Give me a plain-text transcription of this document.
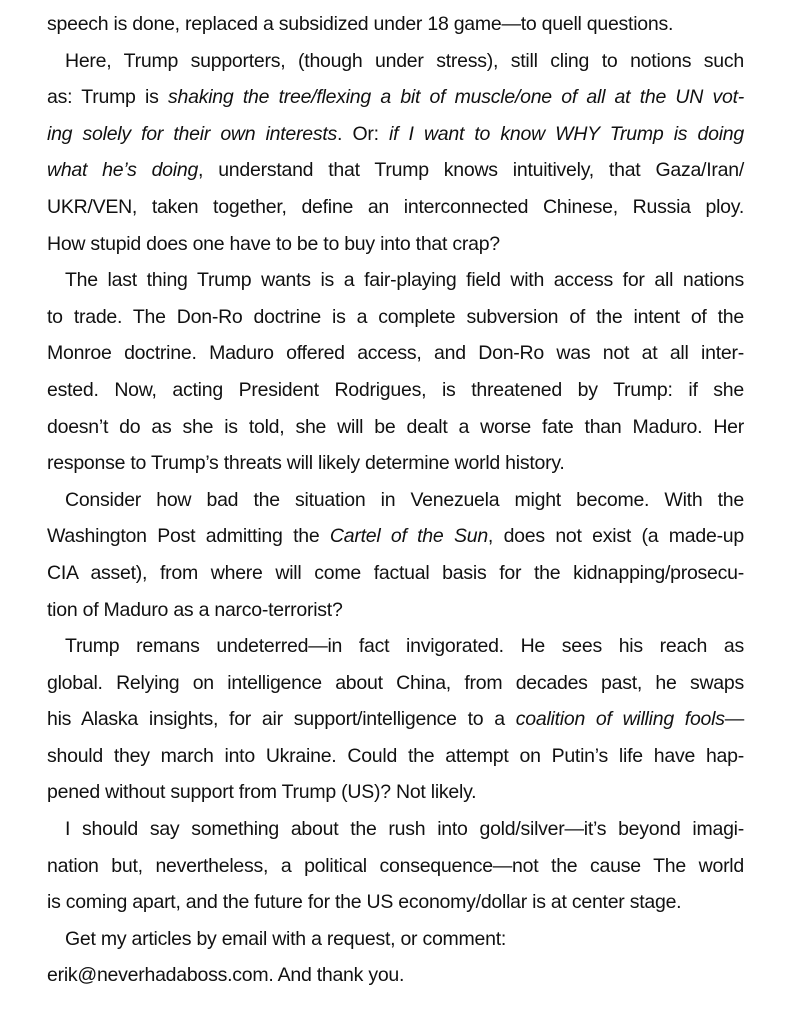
speech is done, replaced a subsidized under 18 game—to quell questions.
Here, Trump supporters, (though under stress), still cling to notions such
as: Trump is shaking the tree/flexing a bit of muscle/one of all at the UN vot-
ing solely for their own interests. Or: if I want to know WHY Trump is doing
what he’s doing, understand that Trump knows intuitively, that Gaza/Iran/
UKR/VEN, taken together, define an interconnected Chinese, Russia ploy.
How stupid does one have to be to buy into that crap?
The last thing Trump wants is a fair-playing field with access for all nations
to trade. The Don-Ro doctrine is a complete subversion of the intent of the
Monroe doctrine. Maduro offered access, and Don-Ro was not at all inter-
ested. Now, acting President Rodrigues, is threatened by Trump: if she
doesn’t do as she is told, she will be dealt a worse fate than Maduro. Her
response to Trump’s threats will likely determine world history.
Consider how bad the situation in Venezuela might become. With the
Washington Post admitting the Cartel of the Sun, does not exist (a made-up
CIA asset), from where will come factual basis for the kidnapping/prosecu-
tion of Maduro as a narco-terrorist?
Trump remans undeterred—in fact invigorated. He sees his reach as
global. Relying on intelligence about China, from decades past, he swaps
his Alaska insights, for air support/intelligence to a coalition of willing fools—
should they march into Ukraine. Could the attempt on Putin’s life have hap-
pened without support from Trump (US)? Not likely.
I should say something about the rush into gold/silver—it’s beyond imagi-
nation but, nevertheless, a political consequence—not the cause The world
is coming apart, and the future for the US economy/dollar is at center stage.
Get my articles by email with a request, or comment:
erik@neverhadaboss.com. And thank you.
